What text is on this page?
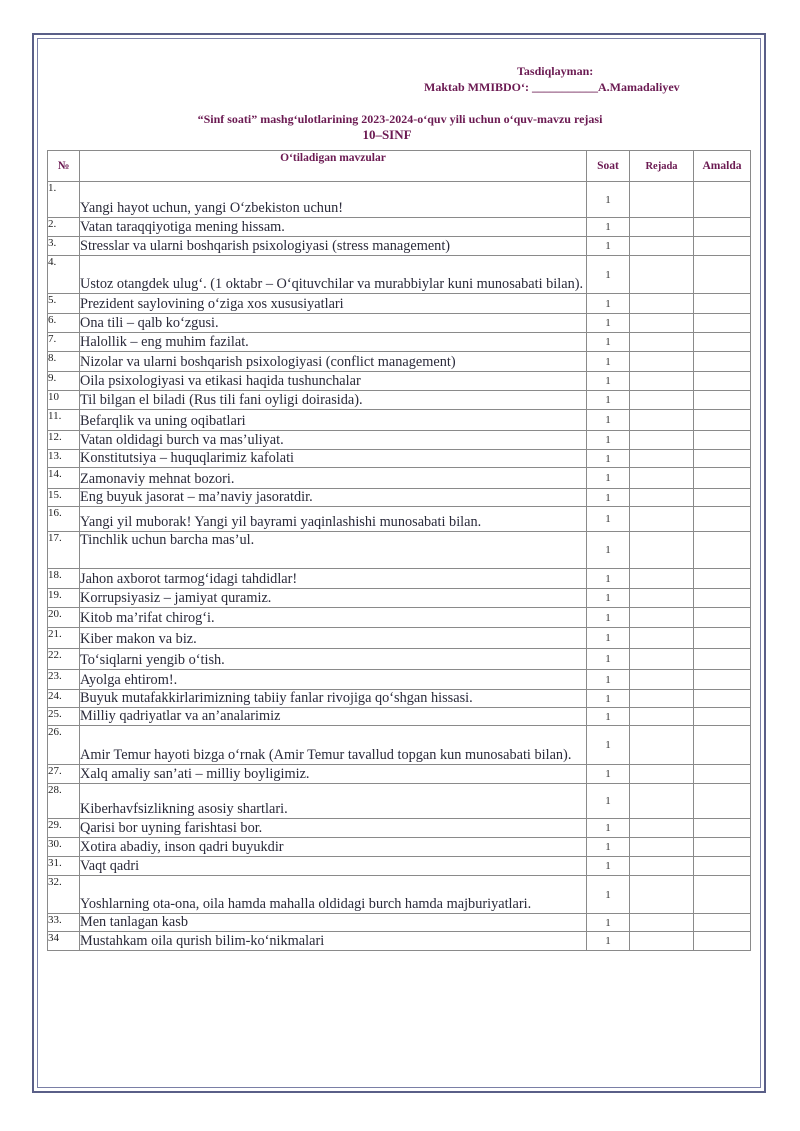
Tasdiqlayman:
Maktab MMIBDO‘: ___________A.Mamadaliyev
“Sinf soati” mashg‘ulotlarining 2023-2024-o‘quv yili uchun o‘quv-mavzu rejasi
10–SINF
№	O‘tiladigan mavzular	Soat	Rejada	Amalda
1.	Yangi hayot uchun, yangi O‘zbekiston uchun!	1		
2.	Vatan taraqqiyotiga mening hissam.	1		
3.	Stresslar va ularni boshqarish psixologiyasi (stress management)	1		
4.	Ustoz otangdek ulug‘. (1 oktabr – O‘qituvchilar va murabbiylar kuni munosabati bilan).	1		
5.	Prezident saylovining o‘ziga xos xususiyatlari	1		
6.	Ona tili – qalb ko‘zgusi.	1		
7.	Halollik – eng muhim fazilat.	1		
8.	Nizolar va ularni boshqarish psixologiyasi (conflict management)	1		
9.	Oila psixologiyasi va etikasi haqida tushunchalar	1		
10	Til bilgan el biladi (Rus tili fani oyligi doirasida).	1		
11.	Befarqlik va uning oqibatlari	1		
12.	Vatan oldidagi burch va mas’uliyat.	1		
13.	Konstitutsiya – huquqlarimiz kafolati	1		
14.	Zamonaviy mehnat bozori.	1		
15.	Eng buyuk jasorat – ma’naviy jasoratdir.	1		
16.	Yangi yil muborak! Yangi yil bayrami yaqinlashishi munosabati bilan.	1		
17.	Tinchlik uchun barcha mas’ul.	1		
18.	Jahon axborot tarmog‘idagi tahdidlar!	1		
19.	Korrupsiyasiz – jamiyat quramiz.	1		
20.	Kitob ma’rifat chirog‘i.	1		
21.	Kiber makon va biz.	1		
22.	To‘siqlarni yengib o‘tish.	1		
23.	Ayolga ehtirom!.	1		
24.	Buyuk mutafakkirlarimizning tabiiy fanlar rivojiga qo‘shgan hissasi.	1		
25.	Milliy qadriyatlar va an’analarimiz	1		
26.	Amir Temur hayoti bizga o‘rnak (Amir Temur tavallud topgan kun munosabati bilan).	1		
27.	Xalq amaliy san’ati – milliy boyligimiz.	1		
28.	Kiberhavfsizlikning asosiy shartlari.	1		
29.	Qarisi bor uyning farishtasi bor.	1		
30.	Xotira abadiy, inson qadri buyukdir	1		
31.	Vaqt qadri	1		
32.	Yoshlarning ota-ona, oila hamda mahalla oldidagi burch hamda majburiyatlari.	1		
33.	Men tanlagan kasb	1		
34	Mustahkam oila qurish bilim-ko‘nikmalari	1		
